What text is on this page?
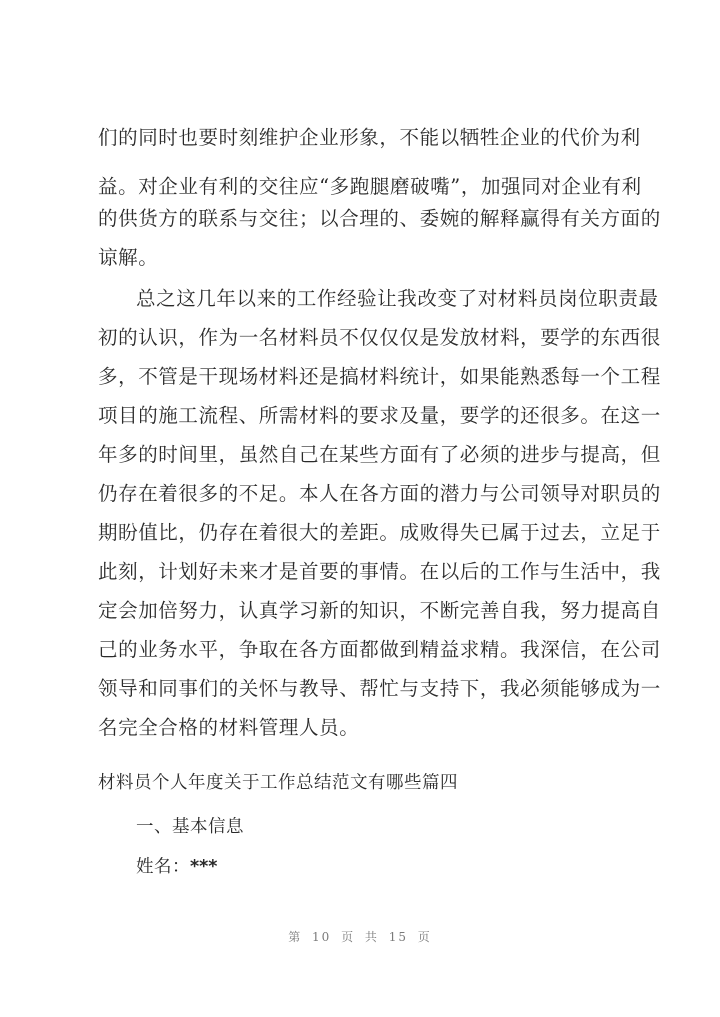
们的同时也要时刻维护企业形象，不能以牺牲企业的代价为利
益。对企业有利的交往应“多跑腿磨破嘴”，加强同对企业有利
的供货方的联系与交往；以合理的、委婉的解释赢得有关方面的
谅解。
总之这几年以来的工作经验让我改变了对材料员岗位职责最
初的认识，作为一名材料员不仅仅仅是发放材料，要学的东西很
多，不管是干现场材料还是搞材料统计，如果能熟悉每一个工程
项目的施工流程、所需材料的要求及量，要学的还很多。在这一
年多的时间里，虽然自己在某些方面有了必须的进步与提高，但
仍存在着很多的不足。本人在各方面的潜力与公司领导对职员的
期盼值比，仍存在着很大的差距。成败得失已属于过去，立足于
此刻，计划好未来才是首要的事情。在以后的工作与生活中，我
定会加倍努力，认真学习新的知识，不断完善自我，努力提高自
己的业务水平，争取在各方面都做到精益求精。我深信，在公司
领导和同事们的关怀与教导、帮忙与支持下，我必须能够成为一
名完全合格的材料管理人员。
材料员个人年度关于工作总结范文有哪些篇四
一、基本信息
姓名：***
第 10 页 共 15 页
